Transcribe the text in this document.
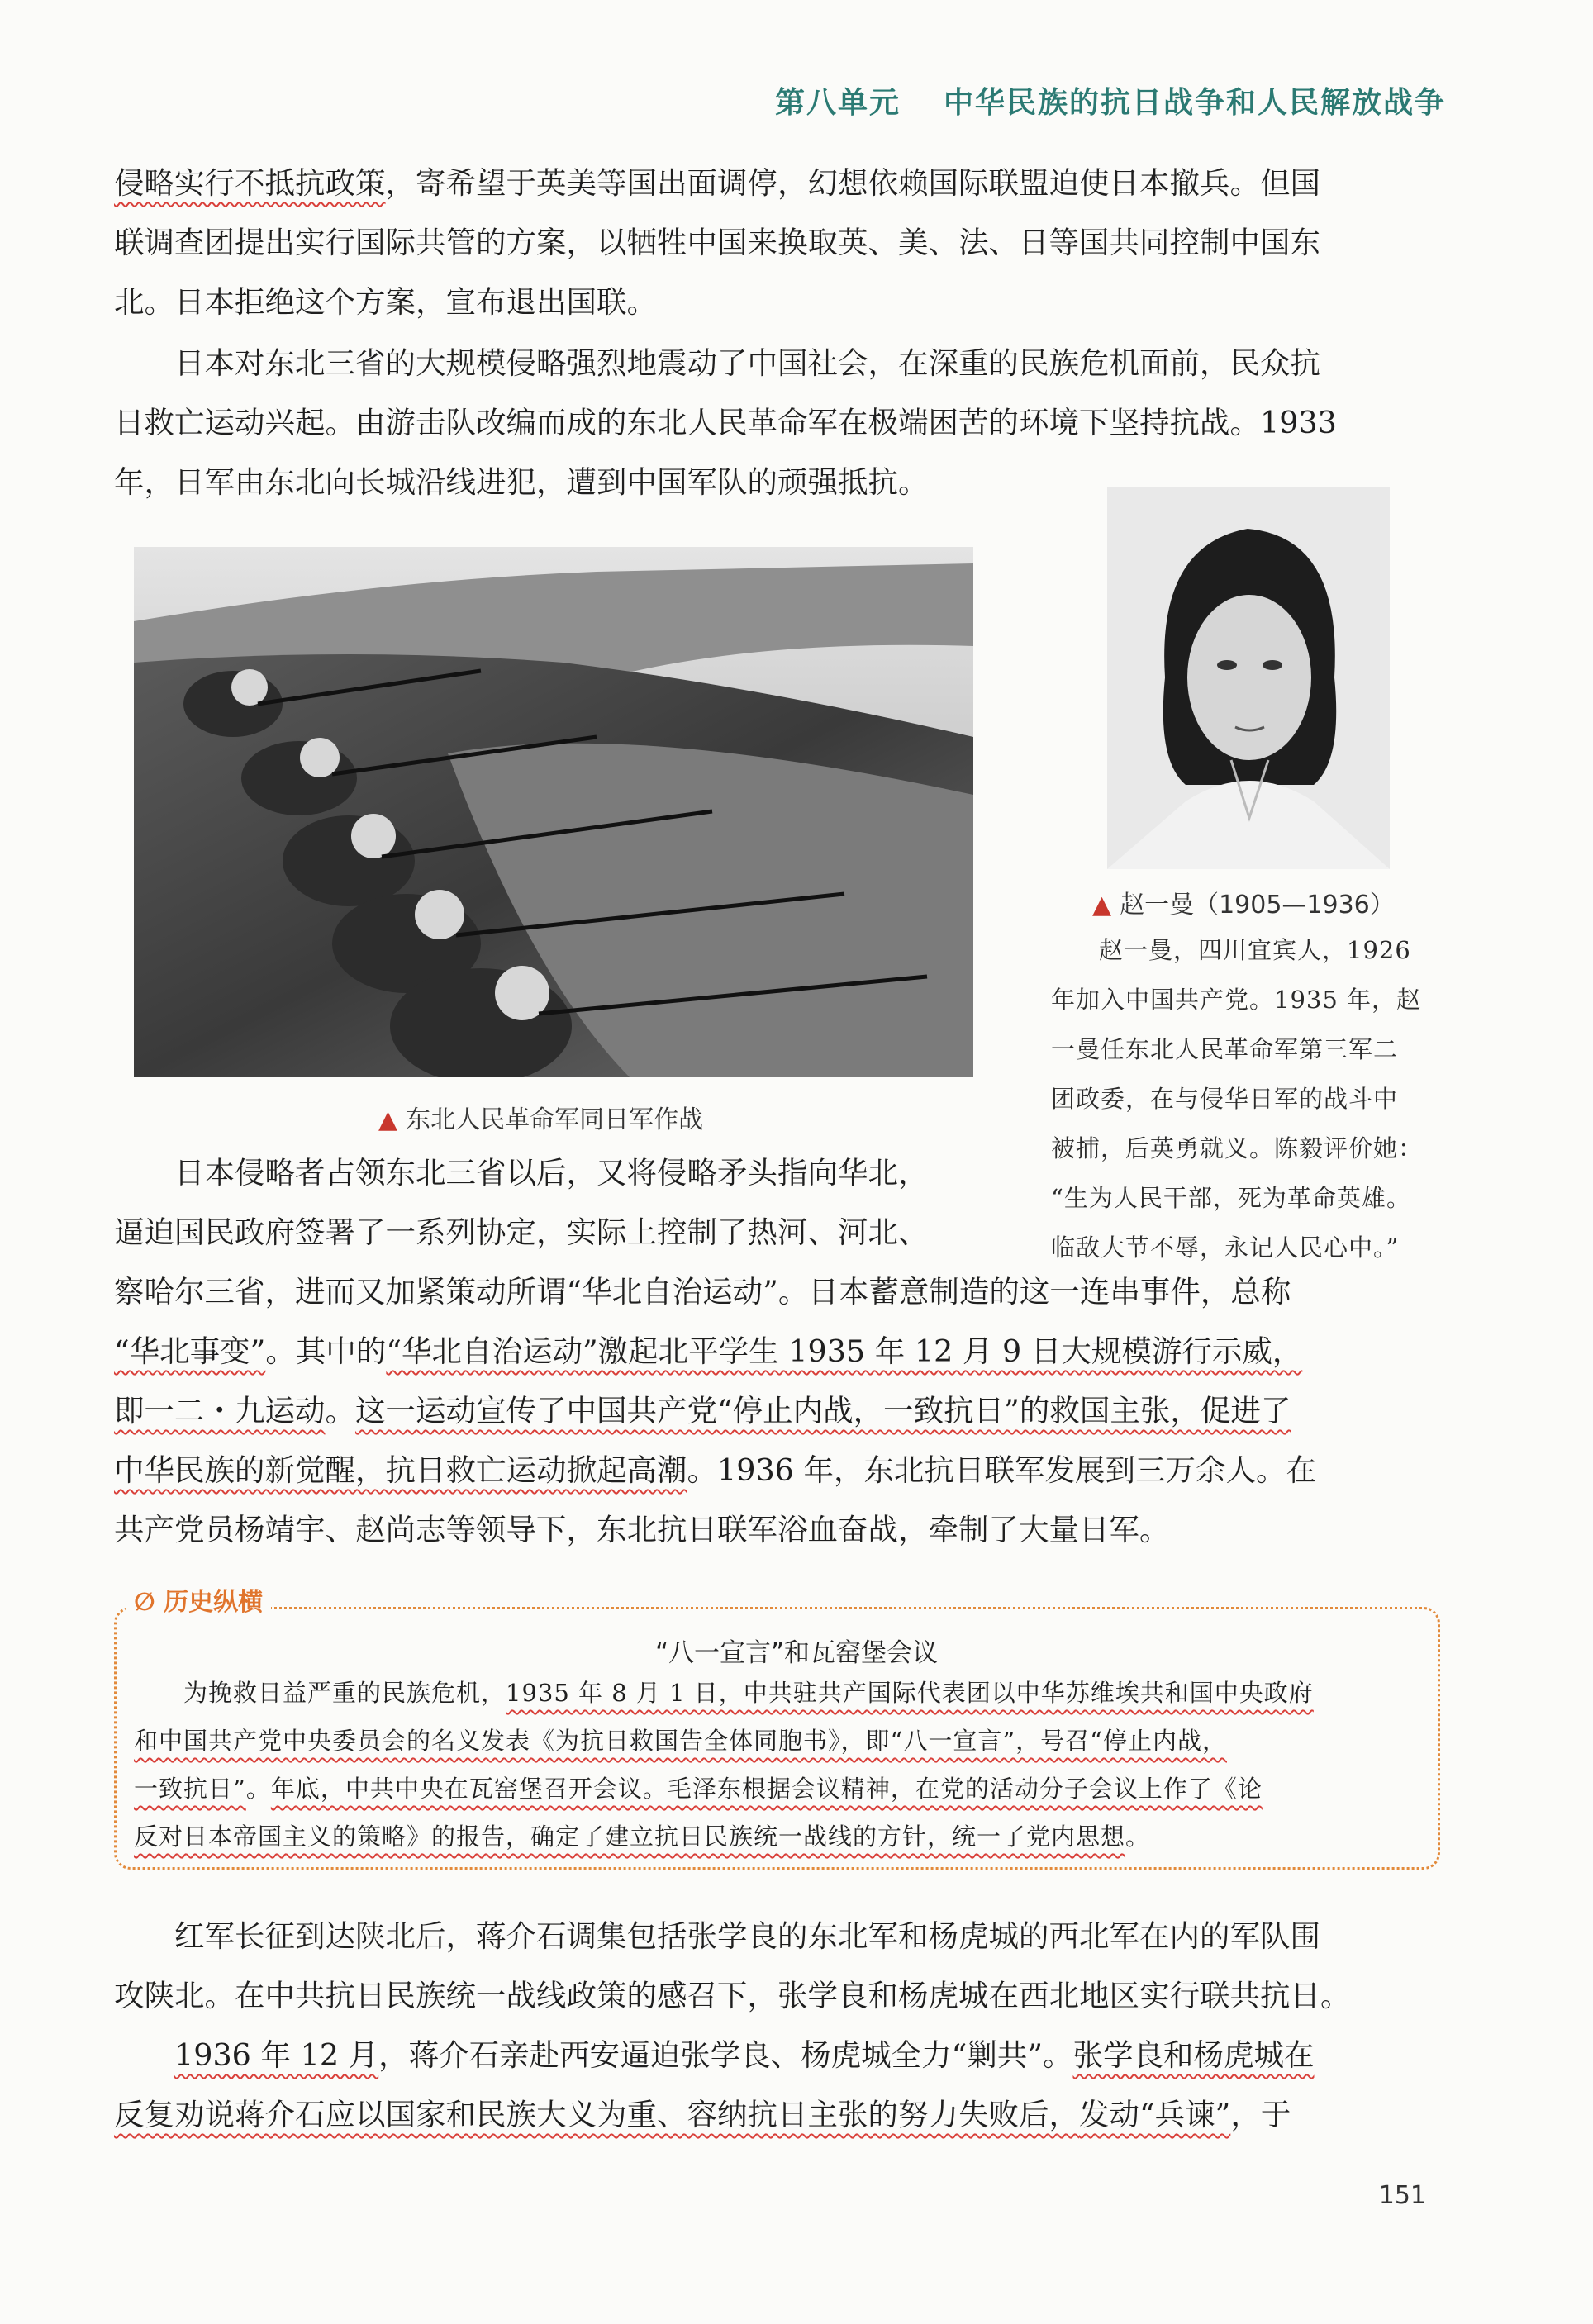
第八单元 中华民族的抗日战争和人民解放战争
侵略实行不抵抗政策，寄希望于英美等国出面调停，幻想依赖国际联盟迫使日本撤兵。但国
联调查团提出实行国际共管的方案，以牺牲中国来换取英、美、法、日等国共同控制中国东
北。日本拒绝这个方案，宣布退出国联。
　　日本对东北三省的大规模侵略强烈地震动了中国社会，在深重的民族危机面前，民众抗
日救亡运动兴起。由游击队改编而成的东北人民革命军在极端困苦的环境下坚持抗战。1933
年，日军由东北向长城沿线进犯，遭到中国军队的顽强抵抗。
▲ 东北人民革命军同日军作战
▲ 赵一曼（1905—1936）
赵一曼，四川宜宾人，1926
年加入中国共产党。1935 年，赵
一曼任东北人民革命军第三军二
团政委，在与侵华日军的战斗中
被捕，后英勇就义。陈毅评价她：
“生为人民干部，死为革命英雄。
临敌大节不辱，永记人民心中。”
　　日本侵略者占领东北三省以后，又将侵略矛头指向华北，
逼迫国民政府签署了一系列协定，实际上控制了热河、河北、
察哈尔三省，进而又加紧策动所谓“华北自治运动”。日本蓄意制造的这一连串事件，总称
“华北事变”。其中的“华北自治运动”激起北平学生 1935 年 12 月 9 日大规模游行示威，
即一二・九运动。这一运动宣传了中国共产党“停止内战，一致抗日”的救国主张，促进了
中华民族的新觉醒，抗日救亡运动掀起高潮。1936 年，东北抗日联军发展到三万余人。在
共产党员杨靖宇、赵尚志等领导下，东北抗日联军浴血奋战，牵制了大量日军。
∅ 历史纵横
“八一宣言”和瓦窑堡会议
　　为挽救日益严重的民族危机，1935 年 8 月 1 日，中共驻共产国际代表团以中华苏维埃共和国中央政府
和中国共产党中央委员会的名义发表《为抗日救国告全体同胞书》，即“八一宣言”，号召“停止内战，
一致抗日”。年底，中共中央在瓦窑堡召开会议。毛泽东根据会议精神，在党的活动分子会议上作了《论
反对日本帝国主义的策略》的报告，确定了建立抗日民族统一战线的方针，统一了党内思想。
　　红军长征到达陕北后，蒋介石调集包括张学良的东北军和杨虎城的西北军在内的军队围
攻陕北。在中共抗日民族统一战线政策的感召下，张学良和杨虎城在西北地区实行联共抗日。
　　1936 年 12 月，蒋介石亲赴西安逼迫张学良、杨虎城全力“剿共”。张学良和杨虎城在
反复劝说蒋介石应以国家和民族大义为重、容纳抗日主张的努力失败后，发动“兵谏”，于
151
